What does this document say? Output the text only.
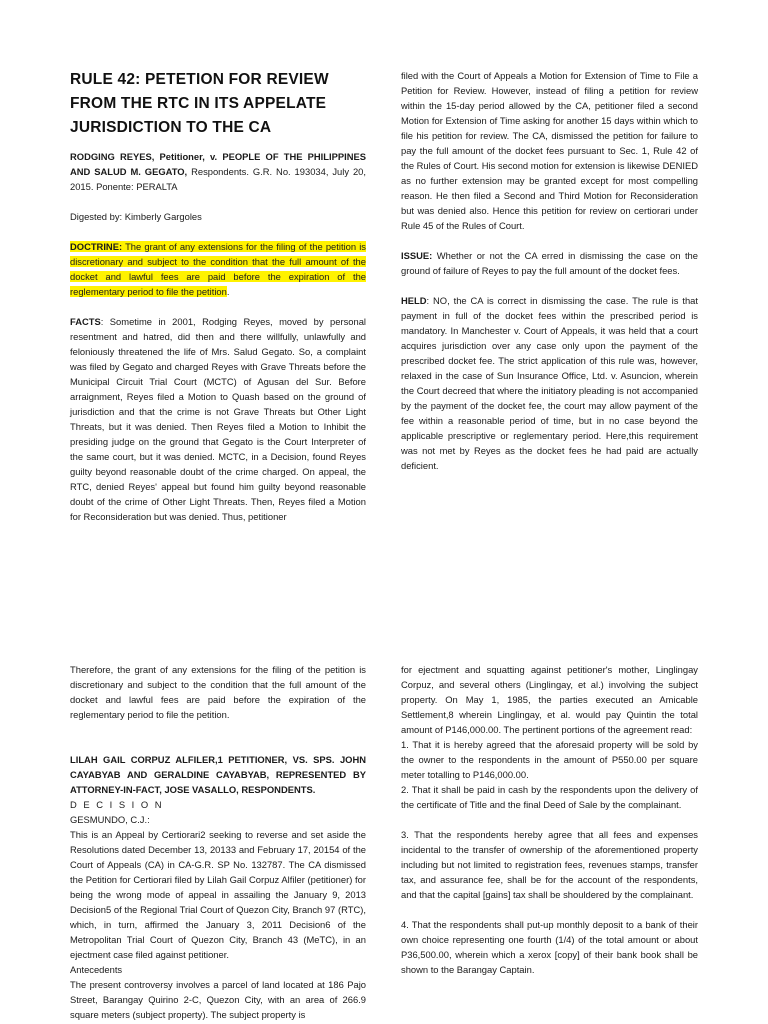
RULE 42: PETETION FOR REVIEW FROM THE RTC IN ITS APPELATE JURISDICTION TO THE CA

RODGING REYES, Petitioner, v. PEOPLE OF THE PHILIPPINES AND SALUD M. GEGATO, Respondents. G.R. No. 193034, July 20, 2015. Ponente: PERALTA

Digested by: Kimberly Gargoles

DOCTRINE: The grant of any extensions for the filing of the petition is discretionary and subject to the condition that the full amount of the docket and lawful fees are paid before the expiration of the reglementary period to file the petition.

FACTS: Sometime in 2001, Rodging Reyes, moved by personal resentment and hatred, did then and there willfully, unlawfully and feloniously threatened the life of Mrs. Salud Gegato. So, a complaint was filed by Gegato and charged Reyes with Grave Threats before the Municipal Circuit Trial Court (MCTC) of Agusan del Sur. Before arraignment, Reyes filed a Motion to Quash based on the ground of jurisdiction and that the crime is not Grave Threats but Other Light Threats, but it was denied. Then Reyes filed a Motion to Inhibit the presiding judge on the ground that Gegato is the Court Interpreter of the same court, but it was denied. MCTC, in a Decision, found Reyes guilty beyond reasonable doubt of the crime charged. On appeal, the RTC, denied Reyes' appeal but found him guilty beyond reasonable doubt of the crime of Other Light Threats. Then, Reyes filed a Motion for Reconsideration but was denied. Thus, petitioner

filed with the Court of Appeals a Motion for Extension of Time to File a Petition for Review. However, instead of filing a petition for review within the 15-day period allowed by the CA, petitioner filed a second Motion for Extension of Time asking for another 15 days within which to file his petition for review. The CA, dismissed the petition for failure to pay the full amount of the docket fees pursuant to Sec. 1, Rule 42 of the Rules of Court. His second motion for extension is likewise DENIED as no further extension may be granted except for most compelling reason. He then filed a Second and Third Motion for Reconsideration but was denied also. Hence this petition for review on certiorari under Rule 45 of the Rules of Court.

ISSUE: Whether or not the CA erred in dismissing the case on the ground of failure of Reyes to pay the full amount of the docket fees.

HELD: NO, the CA is correct in dismissing the case. The rule is that payment in full of the docket fees within the prescribed period is mandatory. In Manchester v. Court of Appeals, it was held that a court acquires jurisdiction over any case only upon the payment of the prescribed docket fee. The strict application of this rule was, however, relaxed in the case of Sun Insurance Office, Ltd. v. Asuncion, wherein the Court decreed that where the initiatory pleading is not accompanied by the payment of the docket fee, the court may allow payment of the fee within a reasonable period of time, but in no case beyond the applicable prescriptive or reglementary period. Here,this requirement was not met by Reyes as the docket fees he had paid are actually deficient.

Therefore, the grant of any extensions for the filing of the petition is discretionary and subject to the condition that the full amount of the docket and lawful fees are paid before the expiration of the reglementary period to file the petition.

LILAH GAIL CORPUZ ALFILER,1 PETITIONER, VS. SPS. JOHN CAYABYAB AND GERALDINE CAYABYAB, REPRESENTED BY ATTORNEY-IN-FACT, JOSE VASALLO, RESPONDENTS.

D E C I S I O N

GESMUNDO, C.J.:

This is an Appeal by Certiorari2 seeking to reverse and set aside the Resolutions dated December 13, 20133 and February 17, 20154 of the Court of Appeals (CA) in CA-G.R. SP No. 132787. The CA dismissed the Petition for Certiorari filed by Lilah Gail Corpuz Alfiler (petitioner) for being the wrong mode of appeal in assailing the January 9, 2013 Decision5 of the Regional Trial Court of Quezon City, Branch 97 (RTC), which, in turn, affirmed the January 3, 2011 Decision6 of the Metropolitan Trial Court of Quezon City, Branch 43 (MeTC), in an ejectment case filed against petitioner.

Antecedents

The present controversy involves a parcel of land located at 186 Pajo Street, Barangay Quirino 2-C, Quezon City, with an area of 266.9 square meters (subject property). The subject property is

for ejectment and squatting against petitioner's mother, Linglingay Corpuz, and several others (Linglingay, et al.) involving the subject property. On May 1, 1985, the parties executed an Amicable Settlement,8 wherein Linglingay, et al. would pay Quintin the total amount of P146,000.00. The pertinent portions of the agreement read:

1. That it is hereby agreed that the aforesaid property will be sold by the owner to the respondents in the amount of P550.00 per square meter totalling to P146,000.00.

2. That it shall be paid in cash by the respondents upon the delivery of the certificate of Title and the final Deed of Sale by the complainant.

3. That the respondents hereby agree that all fees and expenses incidental to the transfer of ownership of the aforementioned property including but not limited to registration fees, revenues stamps, transfer tax, and assurance fee, shall be for the account of the respondents, and that the capital [gains] tax shall be shouldered by the complainant.

4. That the respondents shall put-up monthly deposit to a bank of their own choice representing one fourth (1/4) of the total amount or about P36,500.00, wherein which a xerox [copy] of their bank book shall be shown to the Barangay Captain.
